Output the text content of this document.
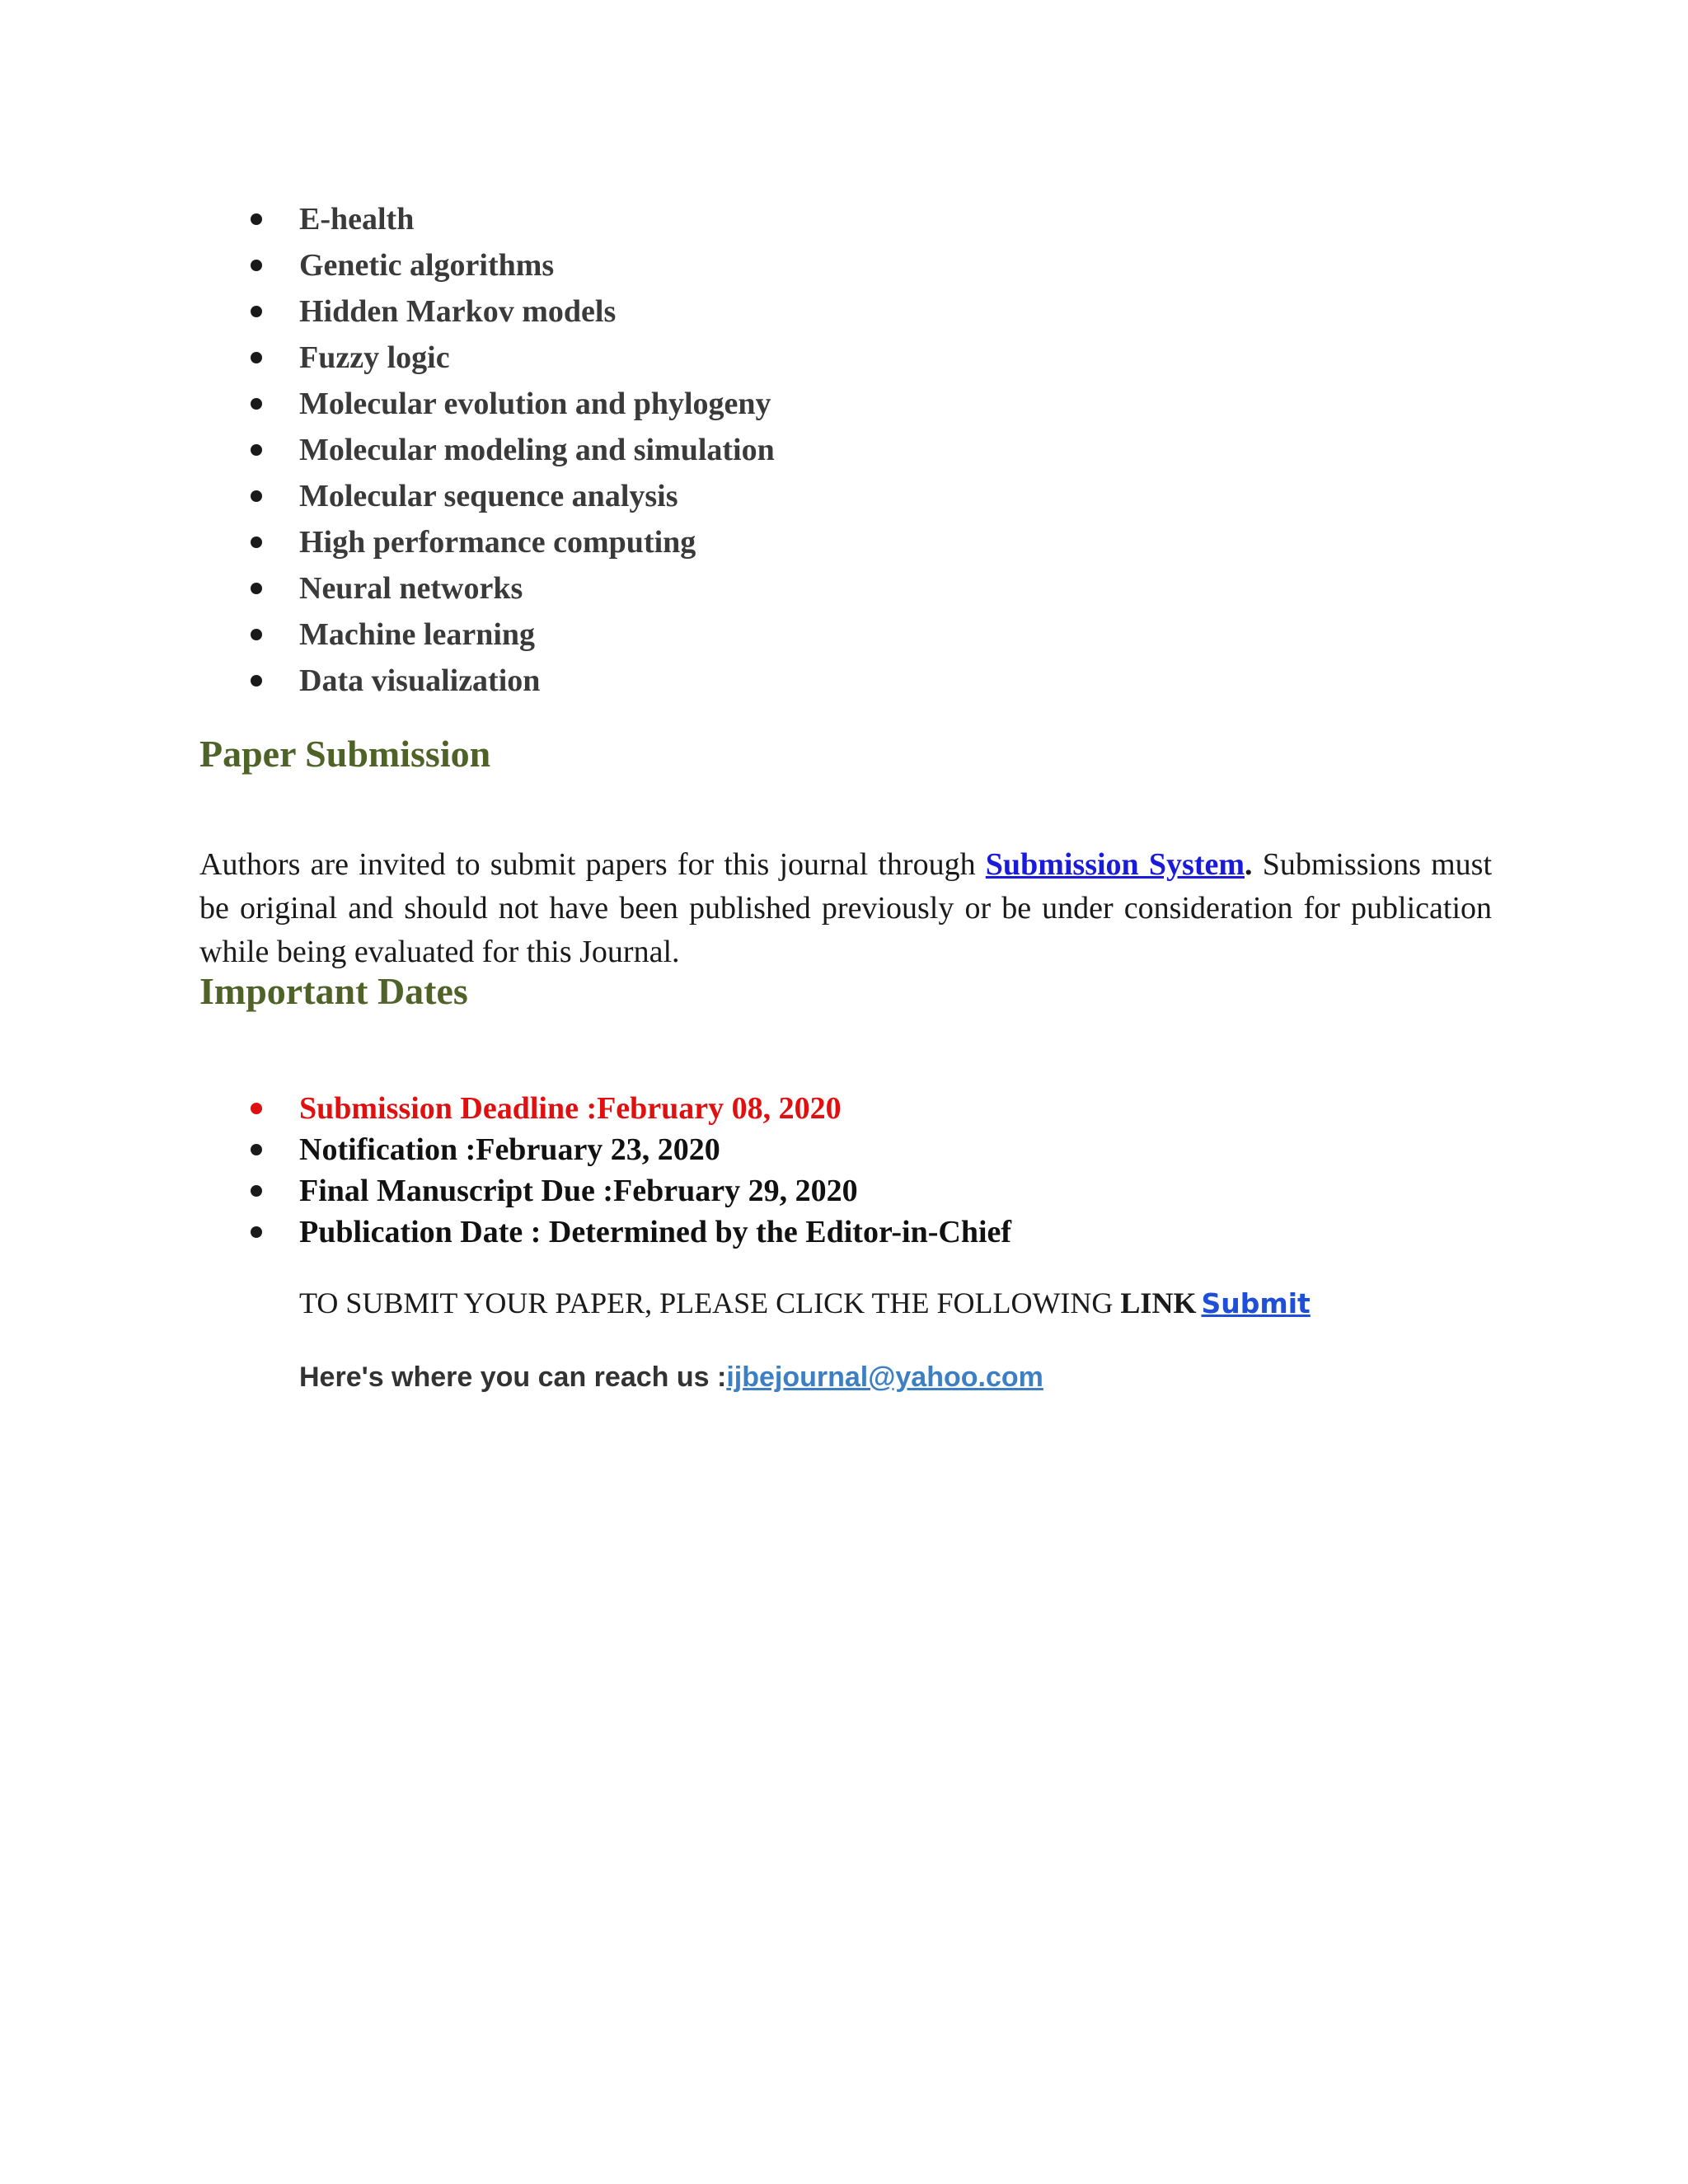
E-health
Genetic algorithms
Hidden Markov models
Fuzzy logic
Molecular evolution and phylogeny
Molecular modeling and simulation
Molecular sequence analysis
High performance computing
Neural networks
Machine learning
Data visualization
Paper Submission

Authors are invited to submit papers for this journal through Submission System. Submissions must be original and should not have been published previously or be under consideration for publication while being evaluated for this Journal.

Important Dates
Submission Deadline :February 08, 2020
Notification :February 23, 2020
Final Manuscript Due :February 29, 2020
Publication Date : Determined by the Editor-in-Chief
TO SUBMIT YOUR PAPER, PLEASE CLICK THE FOLLOWING LINK Submit
Here's where you can reach us :ijbejournal@yahoo.com
